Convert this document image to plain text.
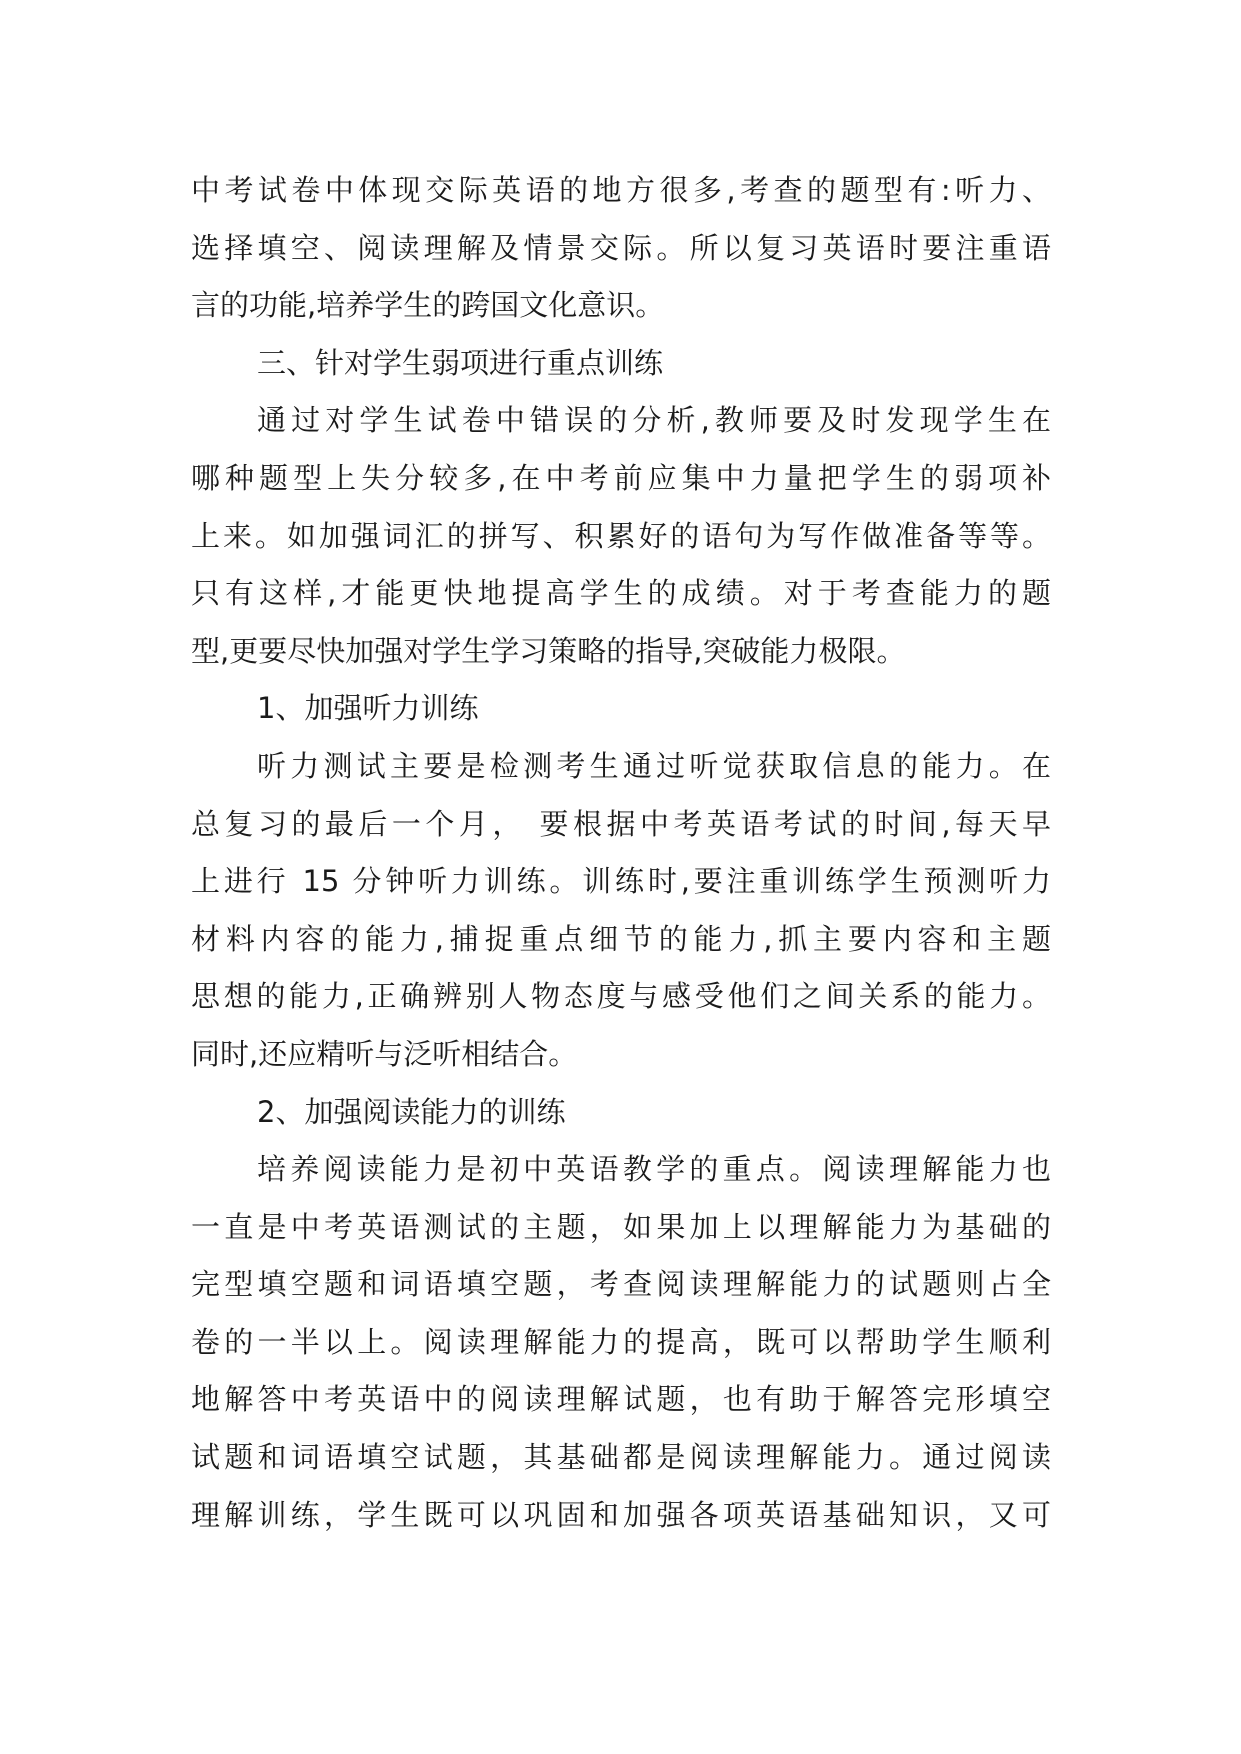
中考试卷中体现交际英语的地方很多,考查的题型有:听力、
选择填空、阅读理解及情景交际。所以复习英语时要注重语
言的功能,培养学生的跨国文化意识。
三、针对学生弱项进行重点训练
通过对学生试卷中错误的分析,教师要及时发现学生在
哪种题型上失分较多,在中考前应集中力量把学生的弱项补
上来。如加强词汇的拼写、积累好的语句为写作做准备等等。
只有这样,才能更快地提高学生的成绩。对于考查能力的题
型,更要尽快加强对学生学习策略的指导,突破能力极限。
1、加强听力训练
听力测试主要是检测考生通过听觉获取信息的能力。在
总复习的最后一个月， 要根据中考英语考试的时间,每天早
上进行 15 分钟听力训练。训练时,要注重训练学生预测听力
材料内容的能力,捕捉重点细节的能力,抓主要内容和主题
思想的能力,正确辨别人物态度与感受他们之间关系的能力。
同时,还应精听与泛听相结合。
2、加强阅读能力的训练
培养阅读能力是初中英语教学的重点。阅读理解能力也
一直是中考英语测试的主题，如果加上以理解能力为基础的
完型填空题和词语填空题，考查阅读理解能力的试题则占全
卷的一半以上。阅读理解能力的提高，既可以帮助学生顺利
地解答中考英语中的阅读理解试题，也有助于解答完形填空
试题和词语填空试题，其基础都是阅读理解能力。通过阅读
理解训练，学生既可以巩固和加强各项英语基础知识，又可
